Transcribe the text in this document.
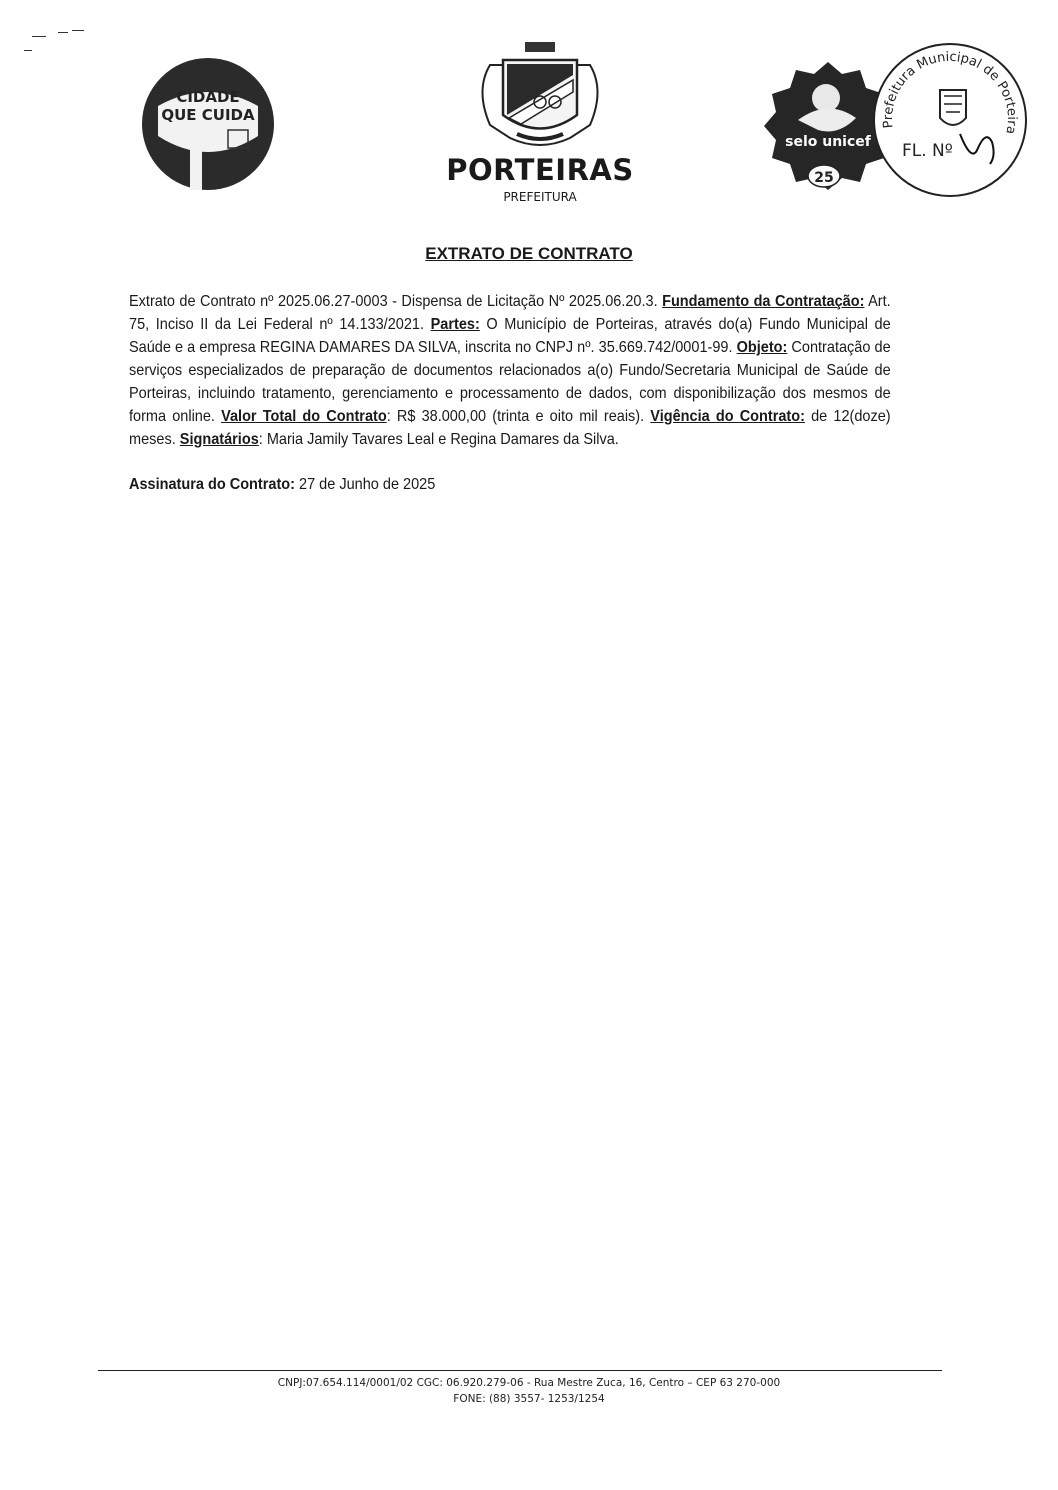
CIDADE
QUE CUIDA
PORTEIRAS
PREFEITURA
selo unicef
25
Prefeitura Municipal de Porteira
FL. Nº
EXTRATO DE CONTRATO

Extrato de Contrato nº 2025.06.27-0003 - Dispensa de Licitação Nº 2025.06.20.3. Fundamento da Contratação: Art. 75, Inciso II da Lei Federal nº 14.133/2021. Partes: O Município de Porteiras, através do(a) Fundo Municipal de Saúde e a empresa REGINA DAMARES DA SILVA, inscrita no CNPJ nº. 35.669.742/0001-99. Objeto: Contratação de serviços especializados de preparação de documentos relacionados a(o) Fundo/Secretaria Municipal de Saúde de Porteiras, incluindo tratamento, gerenciamento e processamento de dados, com disponibilização dos mesmos de forma online. Valor Total do Contrato: R$ 38.000,00 (trinta e oito mil reais). Vigência do Contrato: de 12(doze) meses. Signatários: Maria Jamily Tavares Leal e Regina Damares da Silva.

Assinatura do Contrato: 27 de Junho de 2025

CNPJ:07.654.114/0001/02 CGC: 06.920.279-06 - Rua Mestre Zuca, 16, Centro – CEP 63 270-000
FONE: (88) 3557- 1253/1254
